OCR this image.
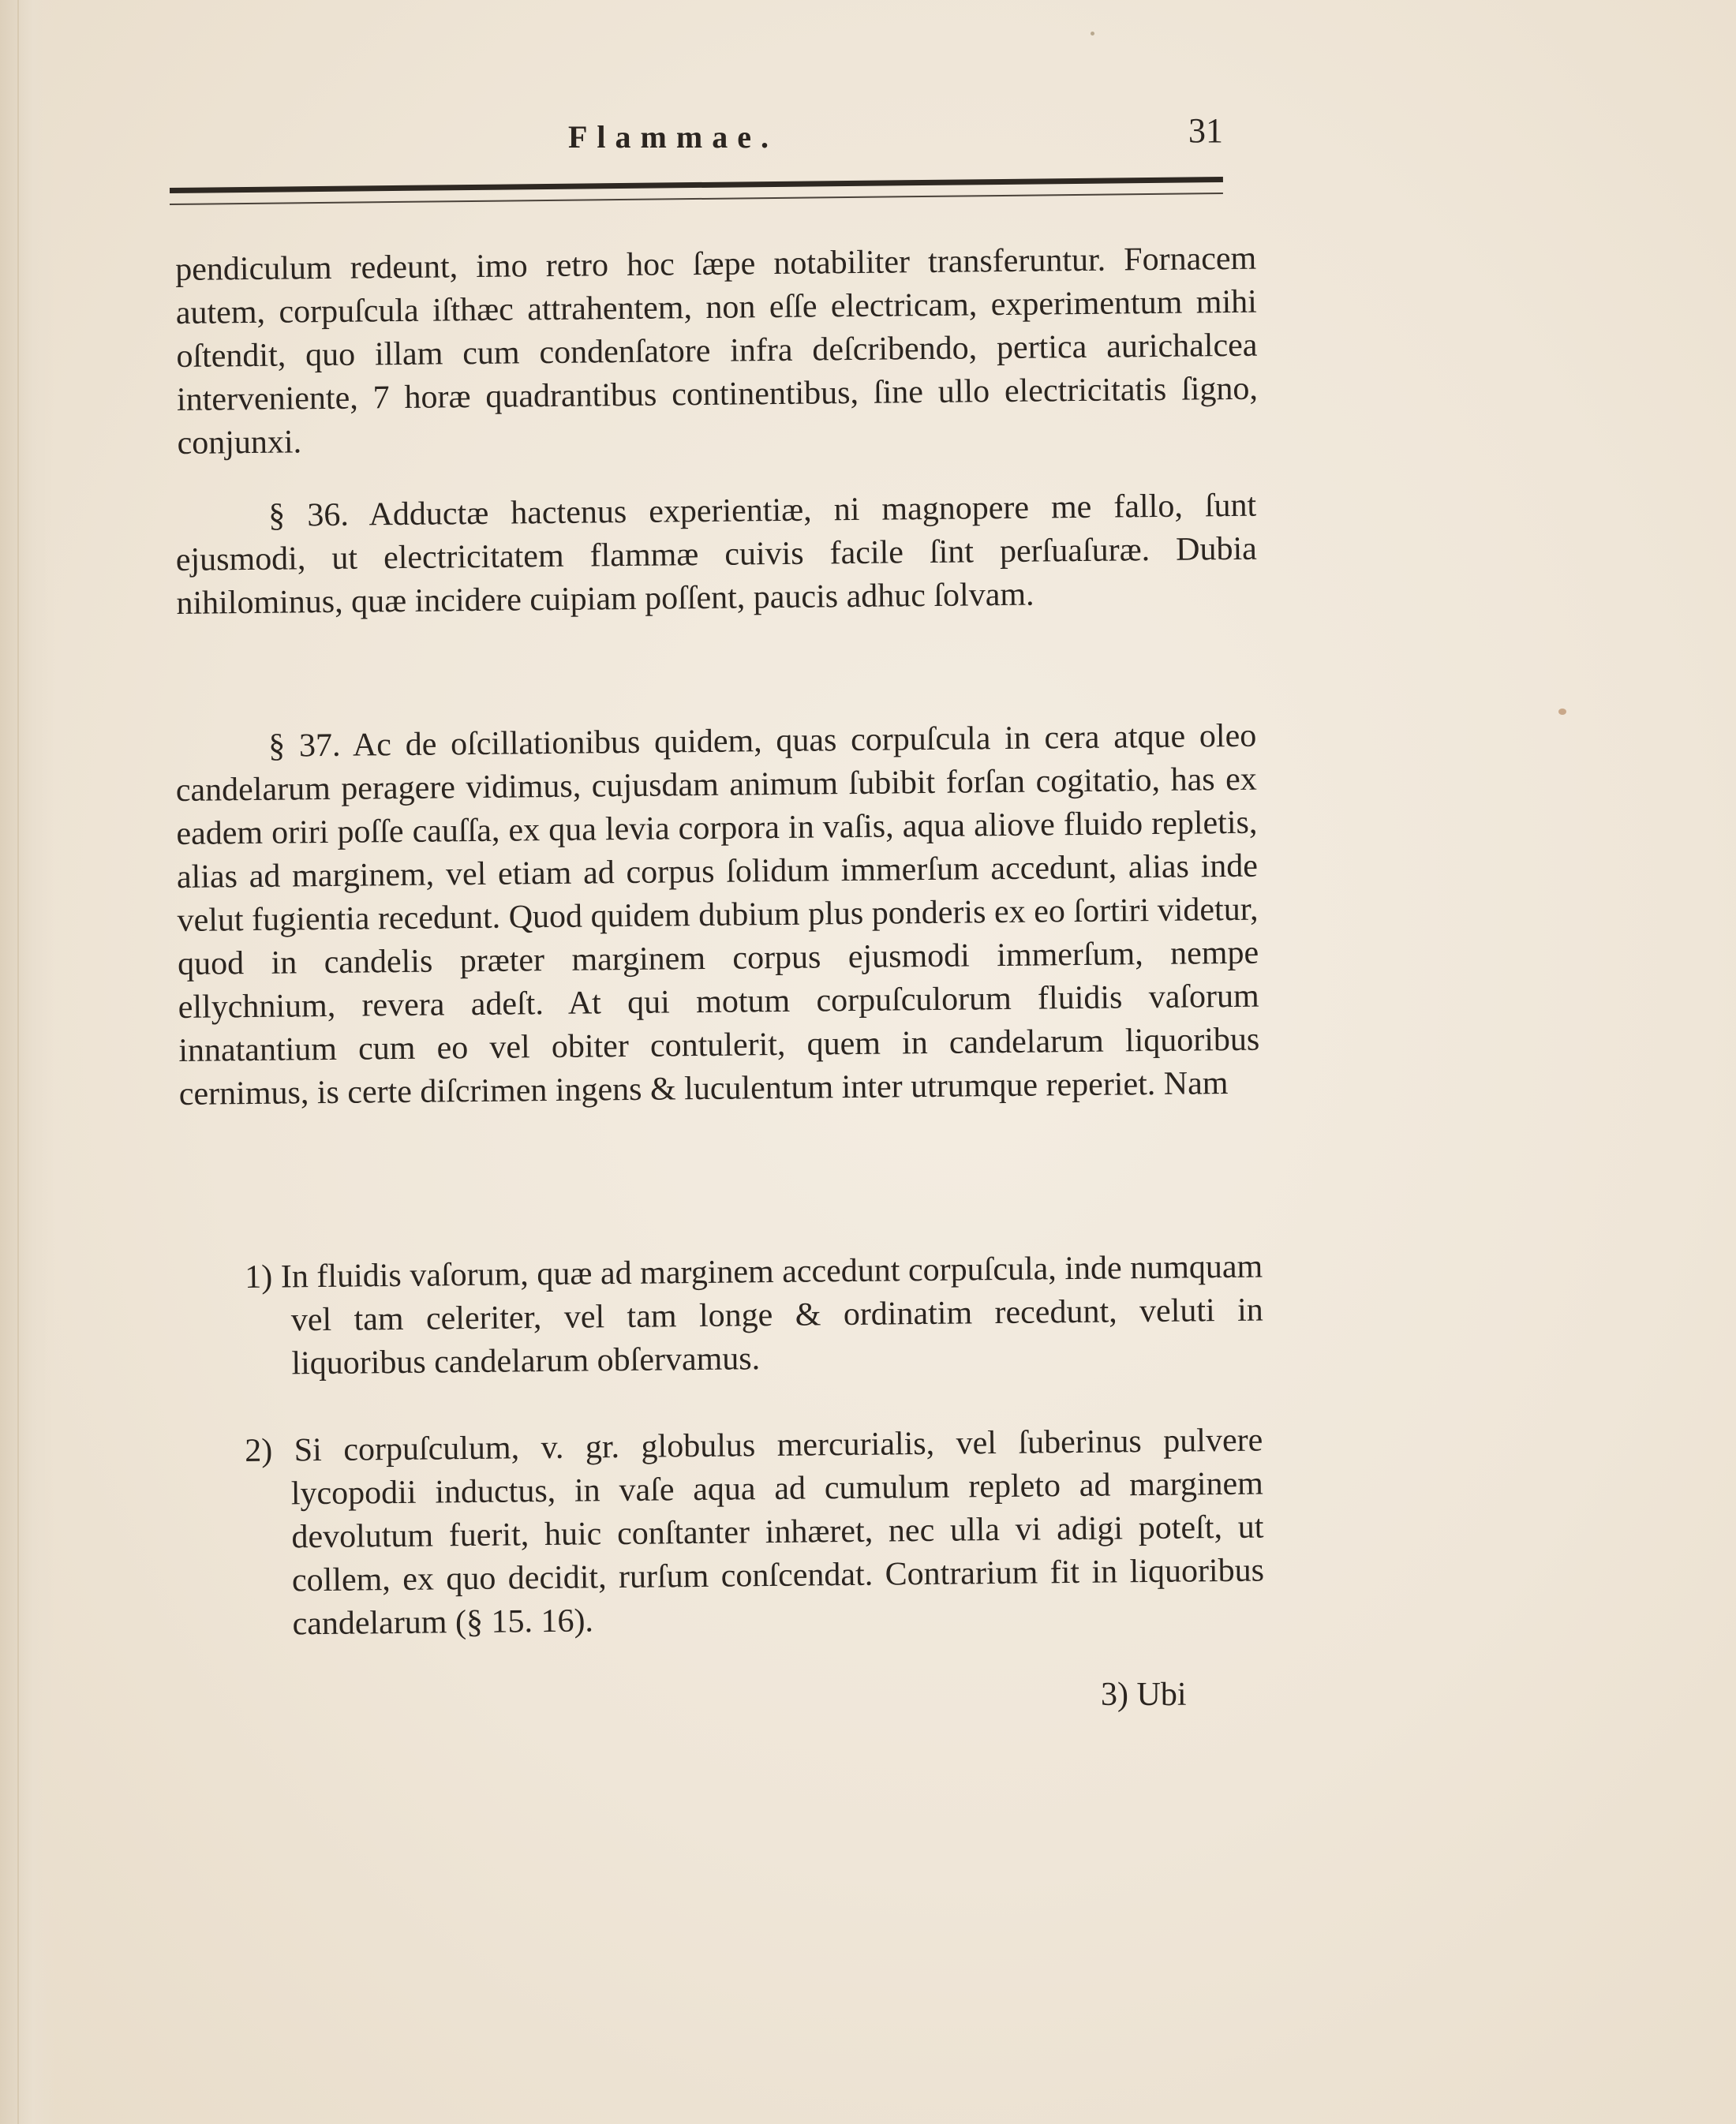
Flammae.	31

pendiculum redeunt, imo retro hoc ſæpe notabiliter transferuntur. Fornacem autem, corpuſcula iſthæc attrahentem, non eſſe electricam, experimentum mihi oſtendit, quo illam cum condenſatore infra deſcribendo, pertica aurichalcea interveniente, 7 horæ quadrantibus continentibus, ſine ullo electricitatis ſigno, conjunxi.

§ 36. Adductæ hactenus experientiæ, ni magnopere me fallo, ſunt ejusmodi, ut electricitatem flammæ cuivis facile ſint perſuaſuræ. Dubia nihilominus, quæ incidere cuipiam poſſent, paucis adhuc ſolvam.

§ 37. Ac de oſcillationibus quidem, quas corpuſcula in cera atque oleo candelarum peragere vidimus, cujusdam animum ſubibit forſan cogitatio, has ex eadem oriri poſſe cauſſa, ex qua levia corpora in vaſis, aqua aliove fluido repletis, alias ad marginem, vel etiam ad corpus ſolidum immerſum accedunt, alias inde velut fugientia recedunt. Quod quidem dubium plus ponderis ex eo ſortiri videtur, quod in candelis præter marginem corpus ejusmodi immerſum, nempe ellychnium, revera adeſt. At qui motum corpuſculorum fluidis vaſorum innatantium cum eo vel obiter contulerit, quem in candelarum liquoribus cernimus, is certe diſcrimen ingens & luculentum inter utrumque reperiet. Nam

1) In fluidis vaſorum, quæ ad marginem accedunt corpuſcula, inde numquam vel tam celeriter, vel tam longe & ordinatim recedunt, veluti in liquoribus candelarum obſervamus.

2) Si corpuſculum, v. gr. globulus mercurialis, vel ſuberinus pulvere lycopodii inductus, in vaſe aqua ad cumulum repleto ad marginem devolutum fuerit, huic conſtanter inhæret, nec ulla vi adigi poteſt, ut collem, ex quo decidit, rurſum conſcendat. Contrarium fit in liquoribus candelarum (§ 15. 16).

3) Ubi
